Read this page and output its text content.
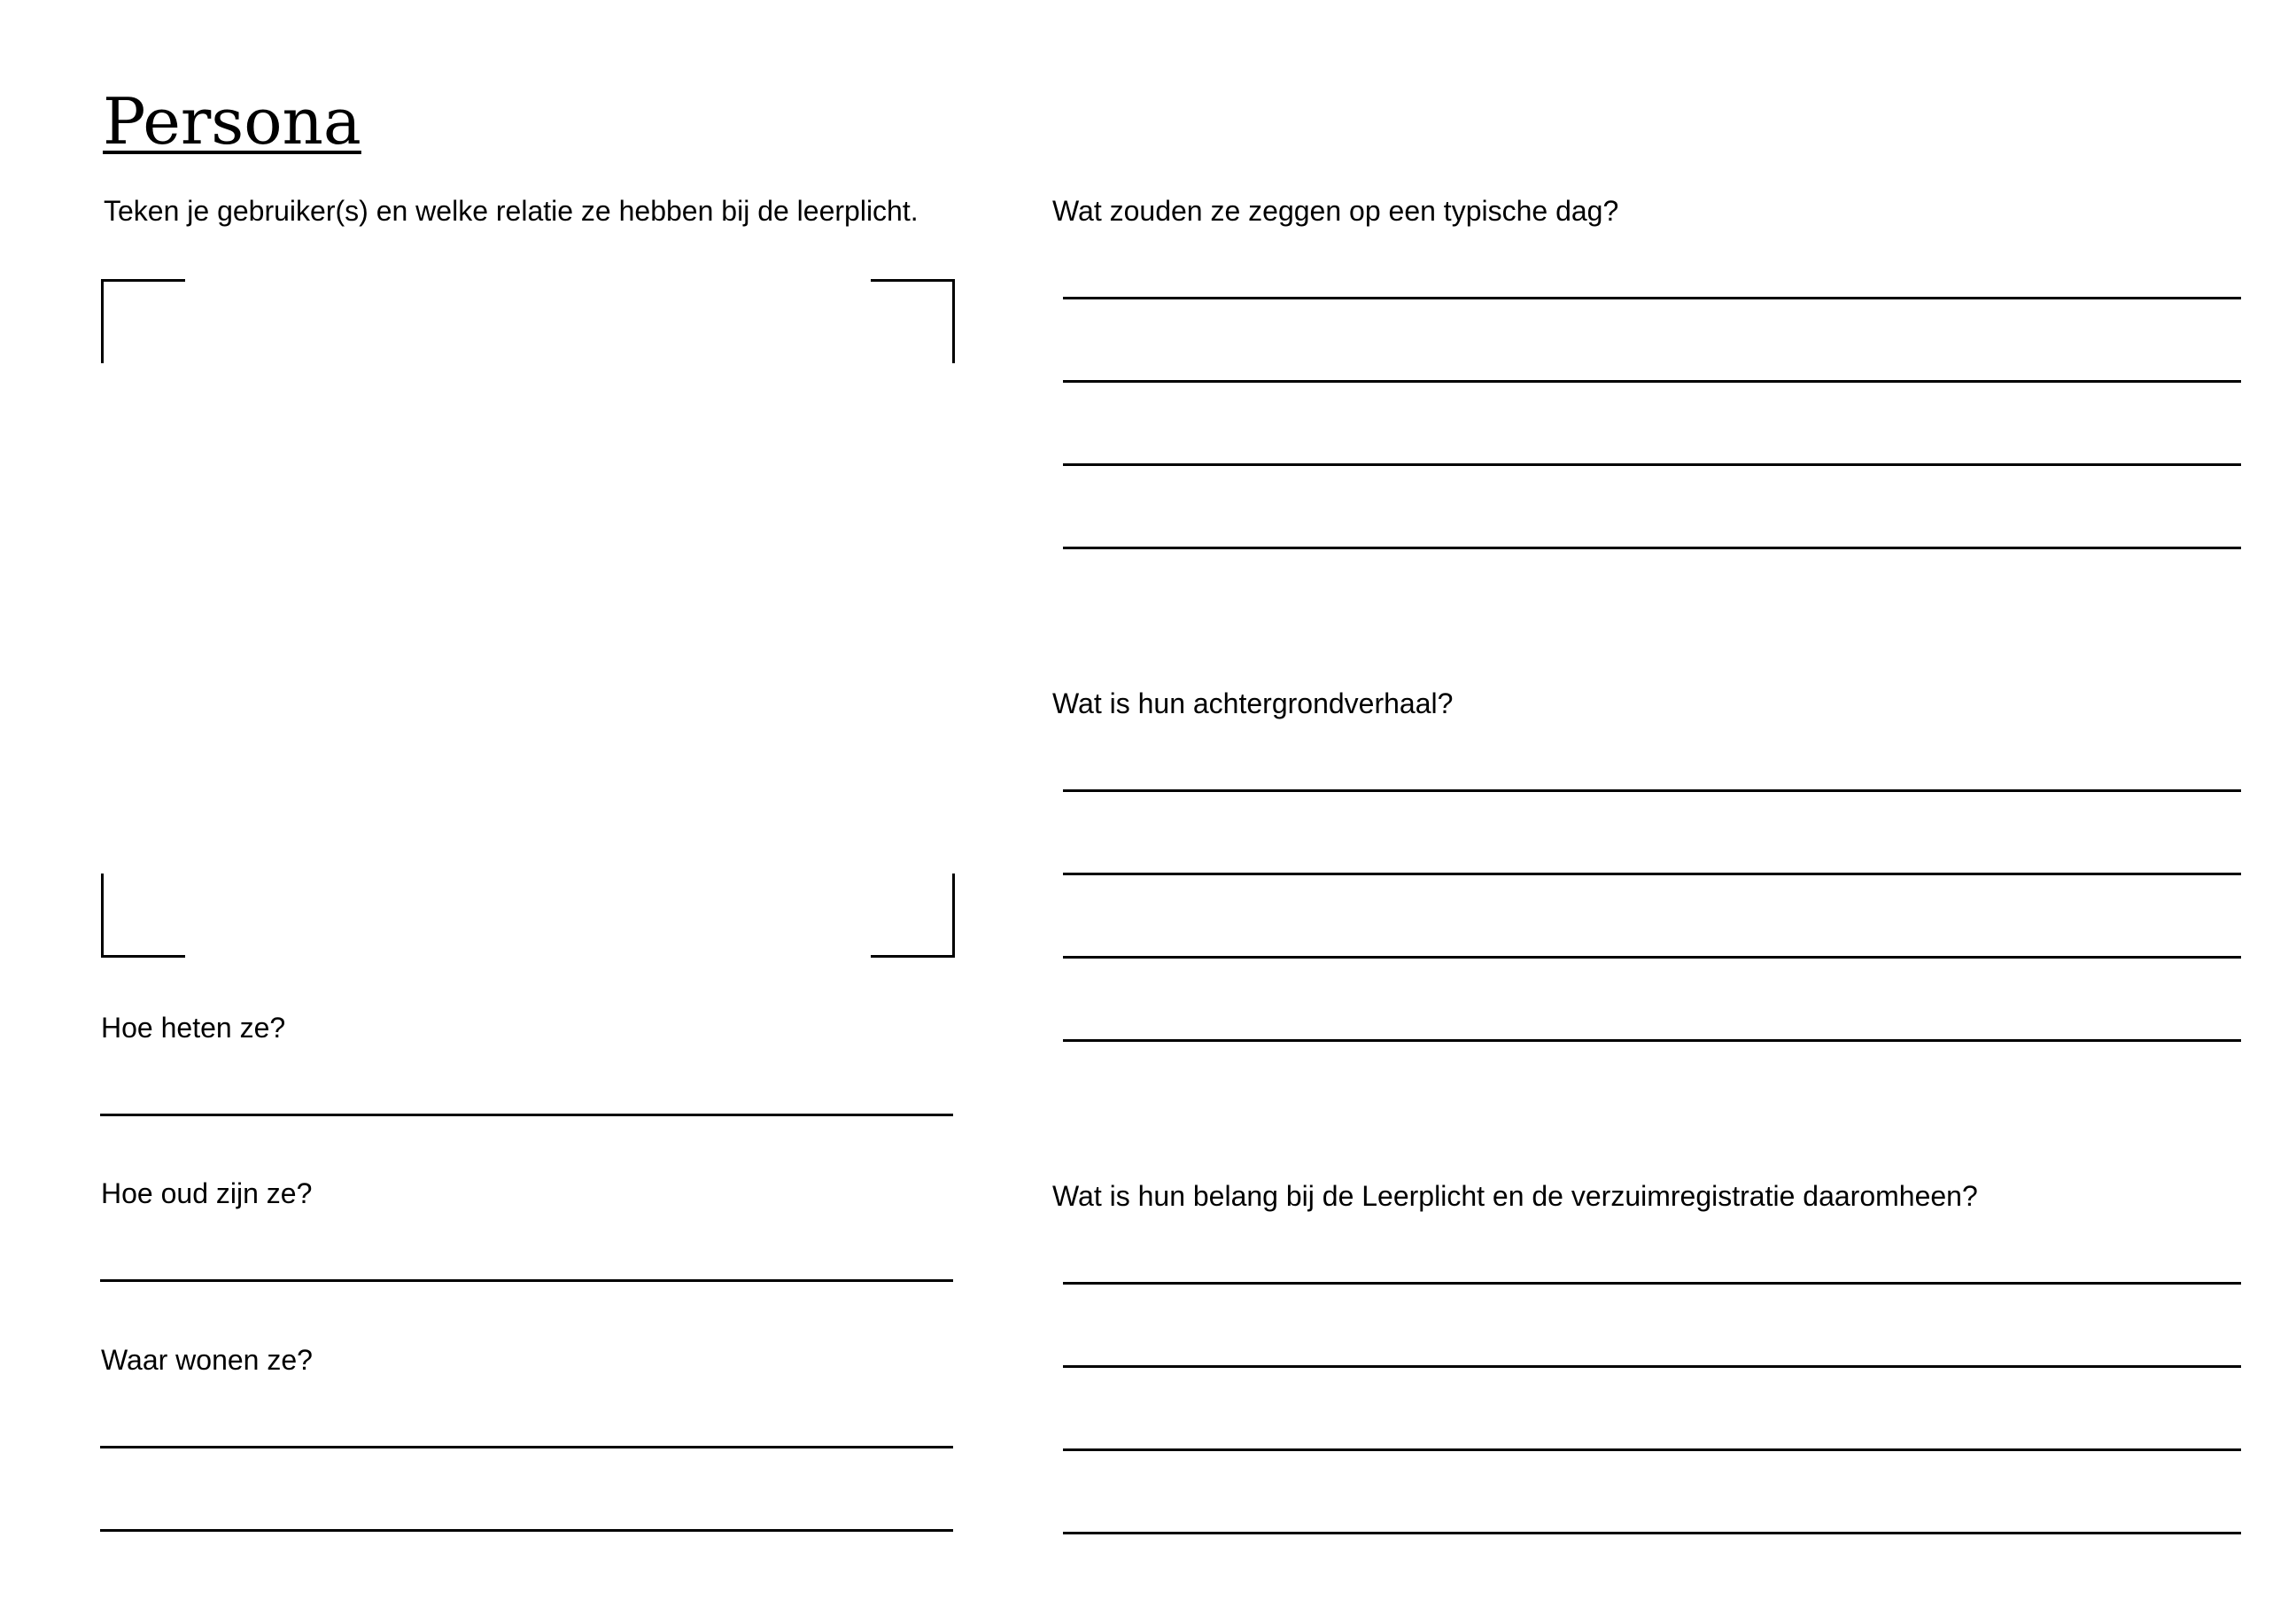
Persona

Teken je gebruiker(s) en welke relatie ze hebben bij de leerplicht.

Hoe heten ze?

Hoe oud zijn ze?

Waar wonen ze?

Wat zouden ze zeggen op een typische dag?

Wat is hun achtergrondverhaal?

Wat is hun belang bij de Leerplicht en de verzuimregistratie daaromheen?
